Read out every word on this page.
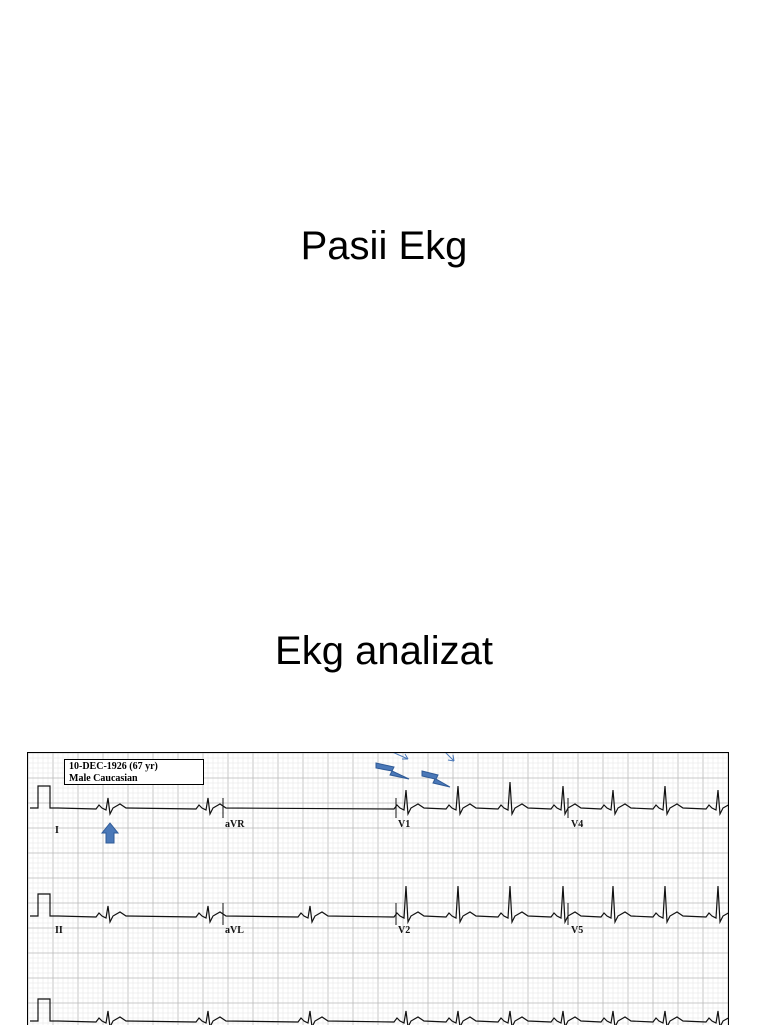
Pasii Ekg
Ekg analizat
10-DEC-1926 (67 yr)
Male Caucasian
I
aVR	V1	V4
II	aVL	V2	V5
